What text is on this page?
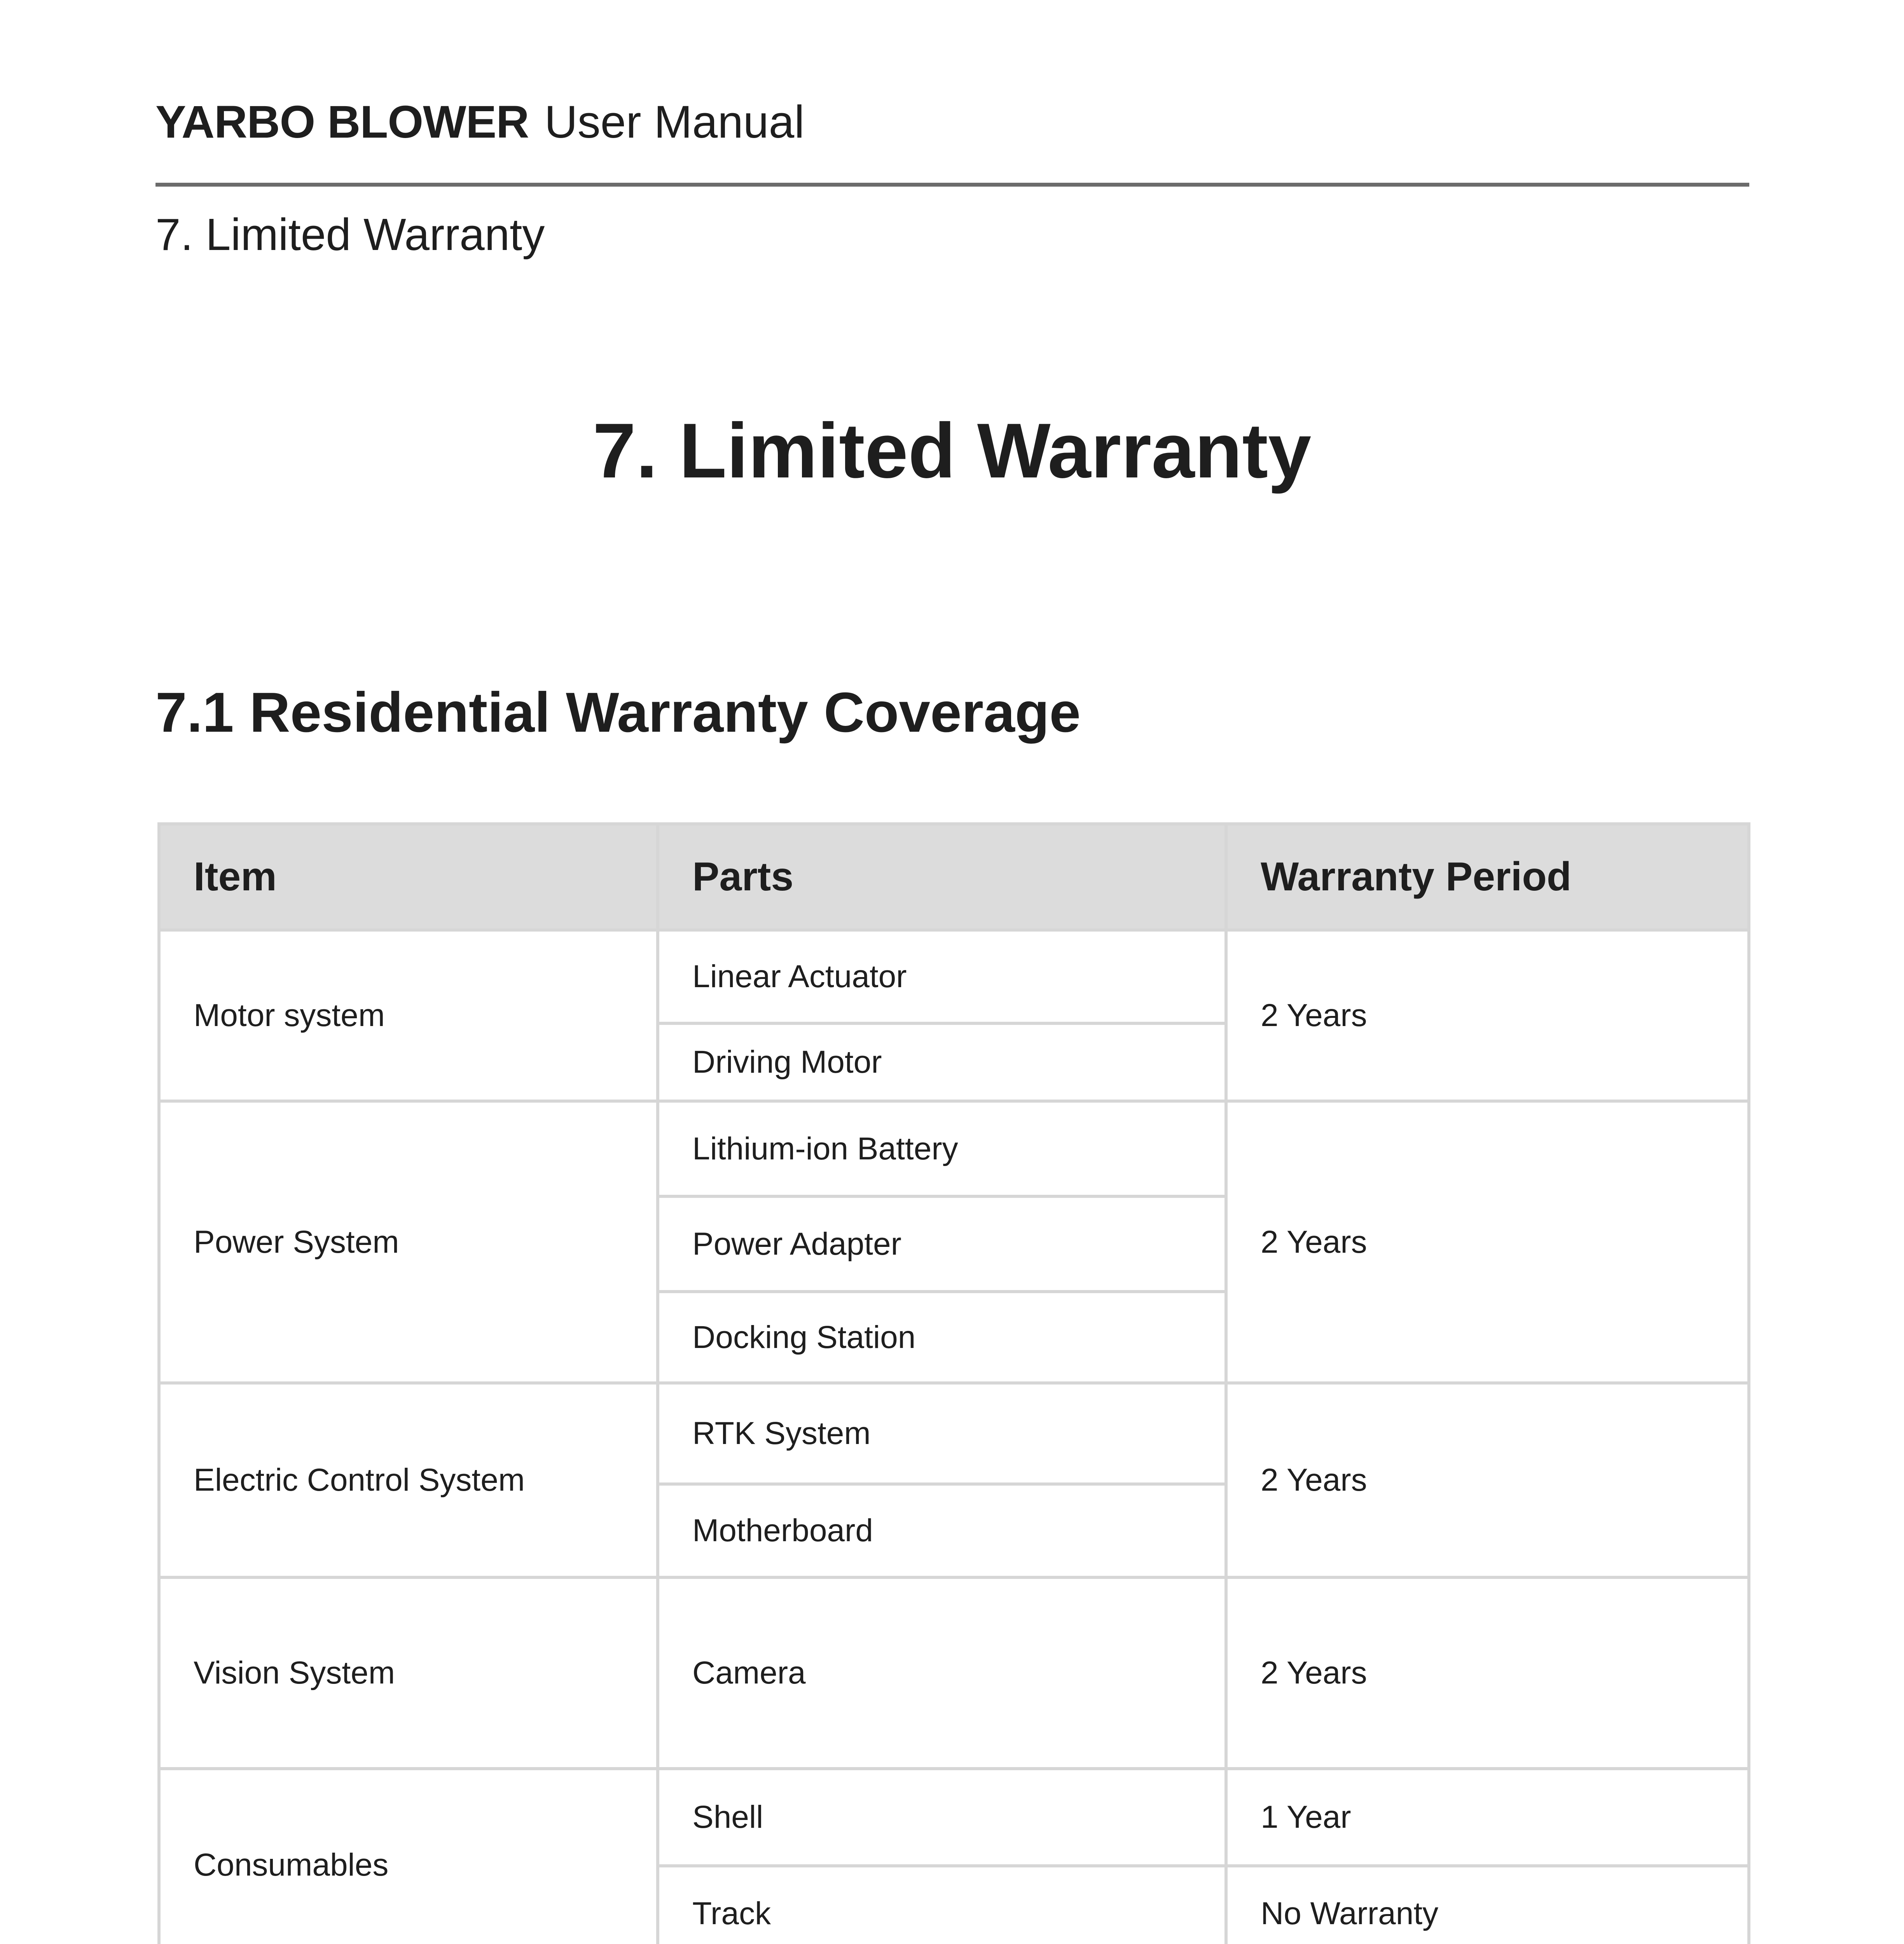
YARBO BLOWER User Manual
7. Limited Warranty
7. Limited Warranty
7.1 Residential Warranty Coverage
Item	Parts	Warranty Period
Motor system	Linear Actuator	2 Years
	Driving Motor	
Power System	Lithium-ion Battery	2 Years
	Power Adapter	
	Docking Station	
Electric Control System	RTK System	2 Years
	Motherboard	
Vision System	Camera	2 Years
Consumables	Shell	1 Year
	Track	No Warranty
